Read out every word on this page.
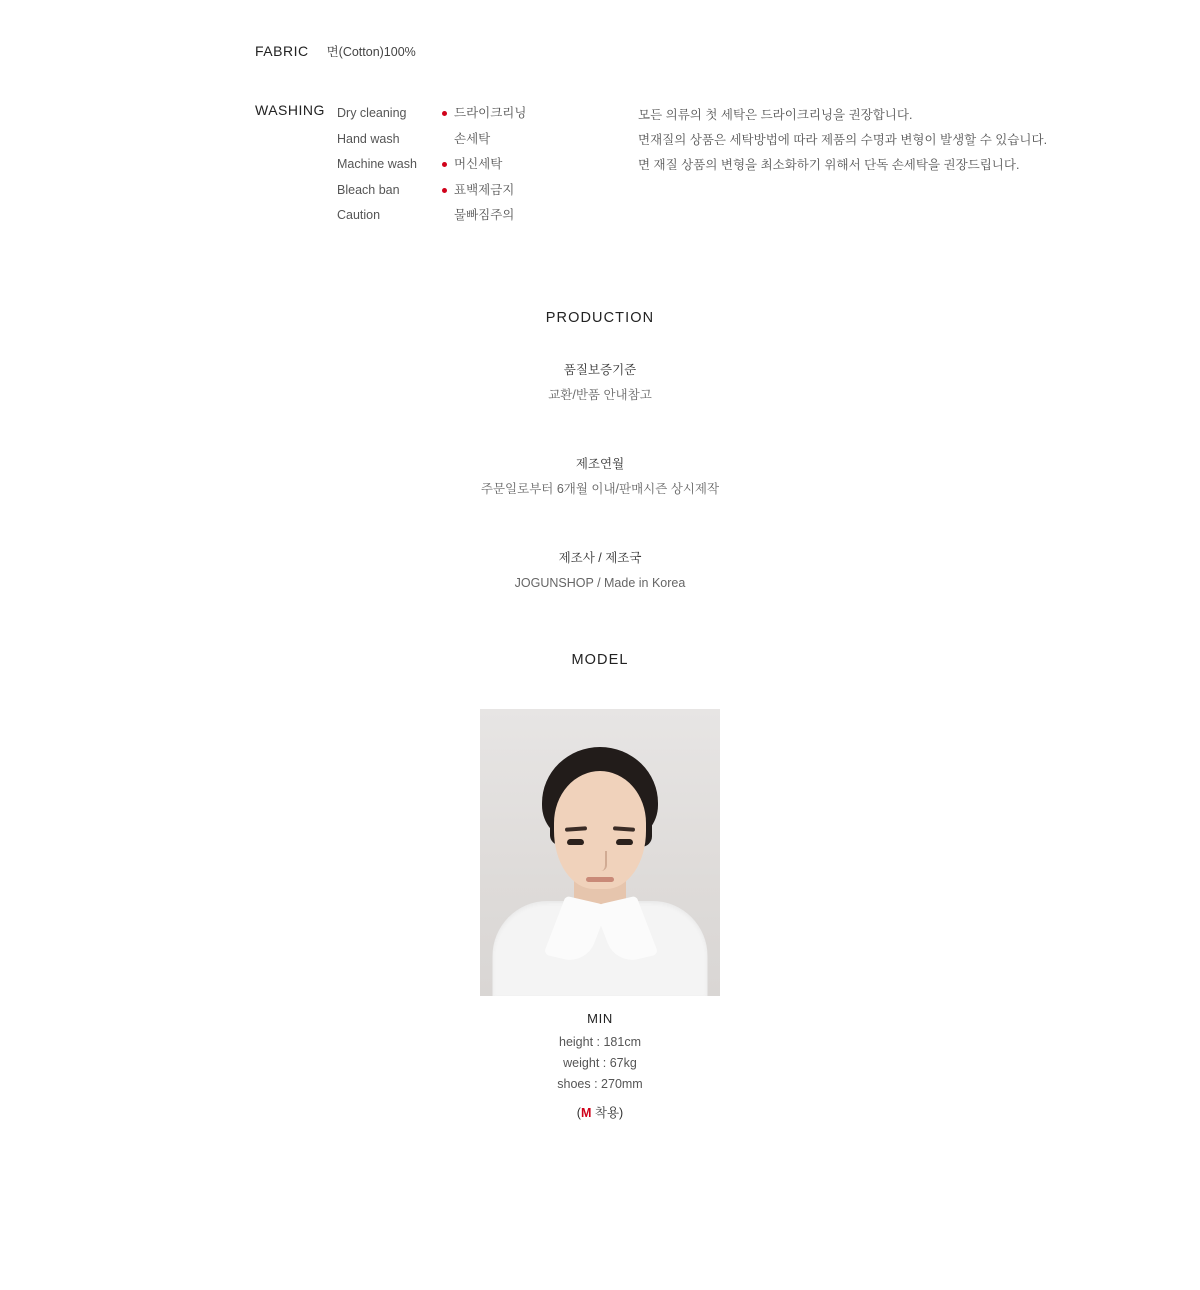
FABRIC 면(Cotton)100%
WASHING Dry cleaning
Hand wash
Machine wash
Bleach ban
Caution
드라이크리닝
손세탁
머신세탁
표백제금지
물빠짐주의
모든 의류의 첫 세탁은 드라이크리닝을 권장합니다.
면재질의 상품은 세탁방법에 따라 제품의 수명과 변형이 발생할 수 있습니다.
면 재질 상품의 변형을 최소화하기 위해서 단독 손세탁을 권장드립니다.
PRODUCTION
품질보증기준
교환/반품 안내참고
제조연월
주문일로부터 6개월 이내/판매시즌 상시제작
제조사 / 제조국
JOGUNSHOP / Made in Korea
MODEL
MIN
height : 181cm
weight : 67kg
shoes : 270mm
(M 착용)
